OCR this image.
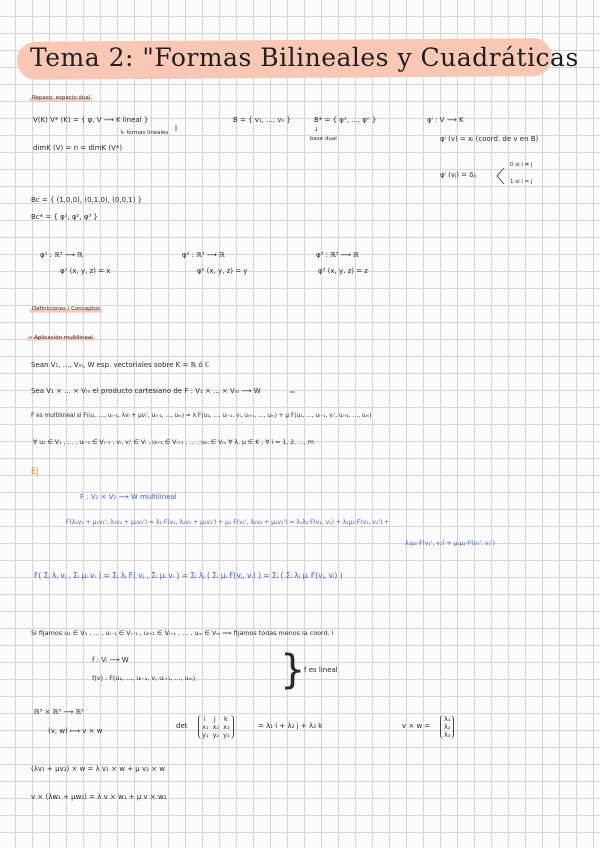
Tema 2: "Formas Bilineales y Cuadráticas
Repaso: espacio dual
V(K) V* (K) = { φ, V ⟶ K lineal }	B = { v₁, ..., vₙ }	B* = { φ¹, ..., φⁿ }	φⁱ : V ⟶ K
↳ formas lineales	↓
base dual
dimK (V) = n = dimK (V*)
φⁱ (v) = xᵢ (coord. de v en B)
φⁱ (vⱼ) = δᵢⱼ
0 si i ≠ j
1 si i = j
Bc = { (1,0,0), (0,1,0), (0,0,1) }
Bc* = { φ¹, φ², φ³ }
φ¹ : ℝ³ ⟶ ℝ
φ¹ (x, y, z) = x
φ² : ℝ³ ⟶ ℝ
φ² (x, y, z) = y
φ³ : ℝ³ ⟶ ℝ
φ³ (x, y, z) = z
Definiciones / Conceptos
• Aplicación multilineal
Sean V₁, ..., Vₘ, W esp. vectoriales sobre K = ℝ ó ℂ
Sea V₁ × ... × Vₘ el producto cartesiano de F : V₁ × ... × Vₘ ⟶ W
F es multilineal si F(u₁, ..., uᵢ₋₁, λvᵢ + μvᵢ', uᵢ₊₁, ..., uₘ) = λ F(u₁, ..., uᵢ₋₁, vᵢ, uᵢ₊₁, ..., uₘ) + μ F(u₁, ..., uᵢ₋₁, vᵢ', uᵢ₊₁, ..., uₘ)
∀ u₁ ∈ V₁ , ... , uᵢ₋₁ ∈ Vᵢ₋₁ , vᵢ, vᵢ' ∈ Vᵢ , uᵢ₊₁ ∈ Vᵢ₊₁ , ... , uₘ ∈ Vₘ ∀ λ, μ ∈ K , ∀ i = 1, 2, ..., m
Ej
F : V₁ × V₂ ⟶ W multilineal
F(λ₁v₁ + μ₁v₁', λ₂v₂ + μ₂v₂') = λ₁·F(v₁, λ₂v₂ + μ₂v₂') + μ₁ F(v₁', λ₂v₂ + μ₂v₂') = λ₁λ₂·F(v₁, v₂) + λ₁μ₂·F(v₁, v₂') +
λ₂μ₁·F(v₁', v₂) + μ₁μ₂·F(v₁', v₂')
F( Σⱼ λⱼ vⱼ , Σᵢ μᵢ vᵢ ) = Σⱼ λⱼ F( vⱼ , Σᵢ μᵢ vᵢ ) = Σⱼ λⱼ ( Σᵢ μᵢ F(vⱼ, vᵢ) ) = Σⱼ ( Σᵢ λⱼ μᵢ F(vⱼ, vᵢ) )
Si fijamos u₁ ∈ V₁ , ... , uᵢ₋₁ ∈ Vᵢ₋₁ , uᵢ₊₁ ∈ Vᵢ₊₁ , ... , uₘ ∈ Vₘ ⟹ fijamos todas menos la coord. i
f : Vᵢ ⟶ W
f(v) : F(u₁, ..., uᵢ₋₁, v, uᵢ₊₁, ..., uₘ) }
f es lineal
ℝ³ × ℝ³ ⟶ ℝ³
(v, w) ⟼ v × w
det
i    j    k
x₁  x₂  x₃
y₁  y₂  y₃
= λ₁·i + λ₂ j + λ₃ k	v × w =
λ₁
λ₂
λ₃
(λv₁ + μv₂) × w = λ v₁ × w + μ v₂ × w
v × (λw₁ + μw₂) = λ v × w₁ + μ v × w₂
